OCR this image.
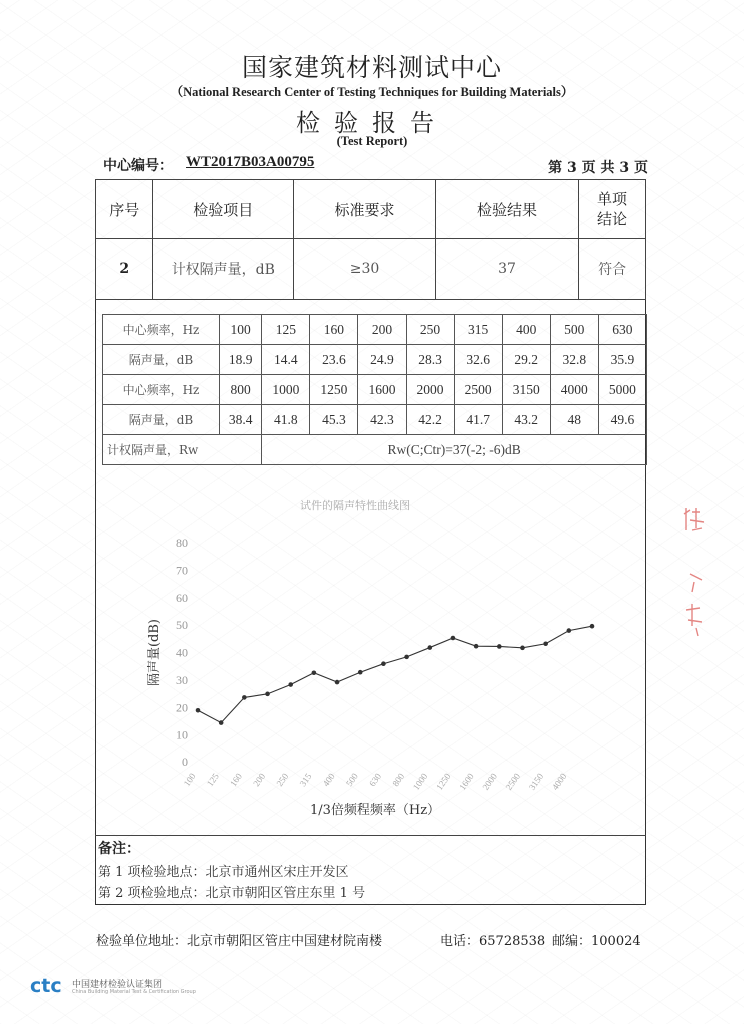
国家建筑材料测试中心
（National Research Center of Testing Techniques for Building Materials）
检验报告
(Test Report)
中心编号： WT2017B03A00795	第 3 页 共 3 页
序号	检验项目	标准要求	检验结果	单项结论
2	计权隔声量，dB	≥30	37	符合
中心频率，Hz	100	125	160	200	250	315	400	500	630
隔声量，dB	18.9	14.4	23.6	24.9	28.3	32.6	29.2	32.8	35.9
中心频率，Hz	800	1000	1250	1600	2000	2500	3150	4000	5000
隔声量，dB	38.4	41.8	45.3	42.3	42.2	41.7	43.2	48	49.6
计权隔声量，Rw		Rw(C;Ctr)=37(-2; -6)dB							
试件的隔声特性曲线图
0
10
20
30
40
50
60
70
80
100 125 160 200 250 315 400 500 630 800 1000 1250 1600 2000 2500 3150 4000
隔声量(dB)
1/3倍频程频率（Hz）
备注：
第 1 项检验地点：北京市通州区宋庄开发区
第 2 项检验地点：北京市朝阳区管庄东里 1 号
检验单位地址：北京市朝阳区管庄中国建材院南楼	电话：65728538 邮编：100024
ctc 中国建材检验认证集团
China Building Material Test & Certification Group
